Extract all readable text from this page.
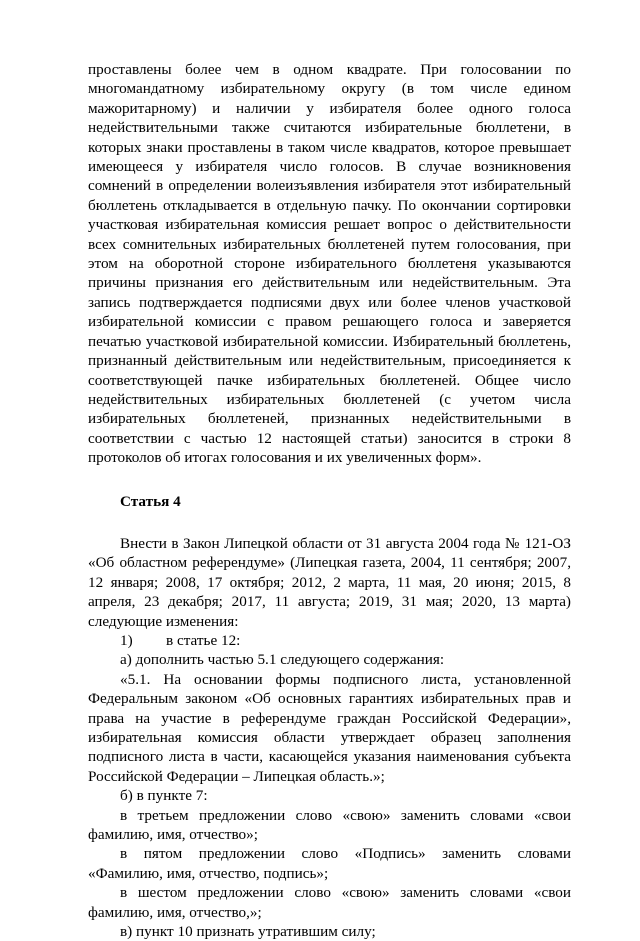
проставлены более чем в одном квадрате. При голосовании по многомандатному избирательному округу (в том числе едином мажоритарному) и наличии у избирателя более одного голоса недействительными также считаются избирательные бюллетени, в которых знаки проставлены в таком числе квадратов, которое превышает имеющееся у избирателя число голосов. В случае возникновения сомнений в определении волеизъявления избирателя этот избирательный бюллетень откладывается в отдельную пачку. По окончании сортировки участковая избирательная комиссия решает вопрос о действительности всех сомнительных избирательных бюллетеней путем голосования, при этом на оборотной стороне избирательного бюллетеня указываются причины признания его действительным или недействительным. Эта запись подтверждается подписями двух или более членов участковой избирательной комиссии с правом решающего голоса и заверяется печатью участковой избирательной комиссии. Избирательный бюллетень, признанный действительным или недействительным, присоединяется к соответствующей пачке избирательных бюллетеней. Общее число недействительных избирательных бюллетеней (с учетом числа избирательных бюллетеней, признанных недействительными в соответствии с частью 12 настоящей статьи) заносится в строки 8 протоколов об итогах голосования и их увеличенных форм».

Статья 4

Внести в Закон Липецкой области от 31 августа 2004 года № 121-ОЗ «Об областном референдуме» (Липецкая газета, 2004, 11 сентября; 2007, 12 января; 2008, 17 октября; 2012, 2 марта, 11 мая, 20 июня; 2015, 8 апреля, 23 декабря; 2017, 11 августа; 2019, 31 мая; 2020, 13 марта) следующие изменения:

1) в статье 12:

а) дополнить частью 5.1 следующего содержания:

«5.1. На основании формы подписного листа, установленной Федеральным законом «Об основных гарантиях избирательных прав и права на участие в референдуме граждан Российской Федерации», избирательная комиссия области утверждает образец заполнения подписного листа в части, касающейся указания наименования субъекта Российской Федерации – Липецкая область.»;

б) в пункте 7:

в третьем предложении слово «свою» заменить словами «свои фамилию, имя, отчество»;

в пятом предложении слово «Подпись» заменить словами «Фамилию, имя, отчество, подпись»;

в шестом предложении слово «свою» заменить словами «свои фамилию, имя, отчество,»;

в) пункт 10 признать утратившим силу;
